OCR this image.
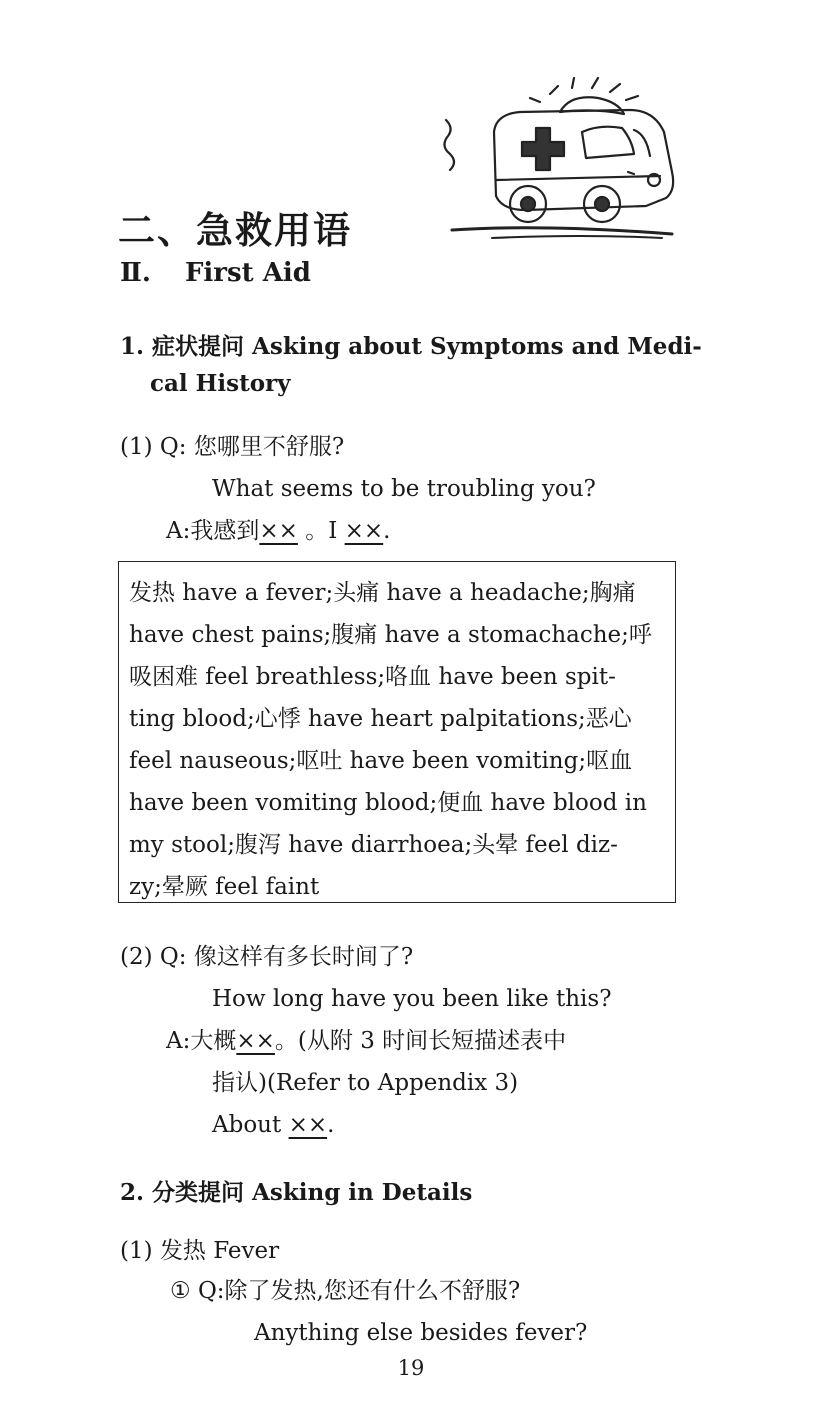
二、急救用语
Ⅱ. First Aid
1. 症状提问 Asking about Symptoms and Medi-
cal History
(1) Q: 您哪里不舒服?
What seems to be troubling you?
A:我感到×× 。I ××.
发热 have a fever;头痛 have a headache;胸痛
have chest pains;腹痛 have a stomachache;呼
吸困难 feel breathless;咯血 have been spit-
ting blood;心悸 have heart palpitations;恶心
feel nauseous;呕吐 have been vomiting;呕血
have been vomiting blood;便血 have blood in
my stool;腹泻 have diarrhoea;头晕 feel diz-
zy;晕厥 feel faint
(2) Q: 像这样有多长时间了?
How long have you been like this?
A:大概××。(从附 3 时间长短描述表中
指认)(Refer to Appendix 3)
About ××.
2. 分类提问 Asking in Details
(1) 发热 Fever
① Q:除了发热,您还有什么不舒服?
Anything else besides fever?
19
